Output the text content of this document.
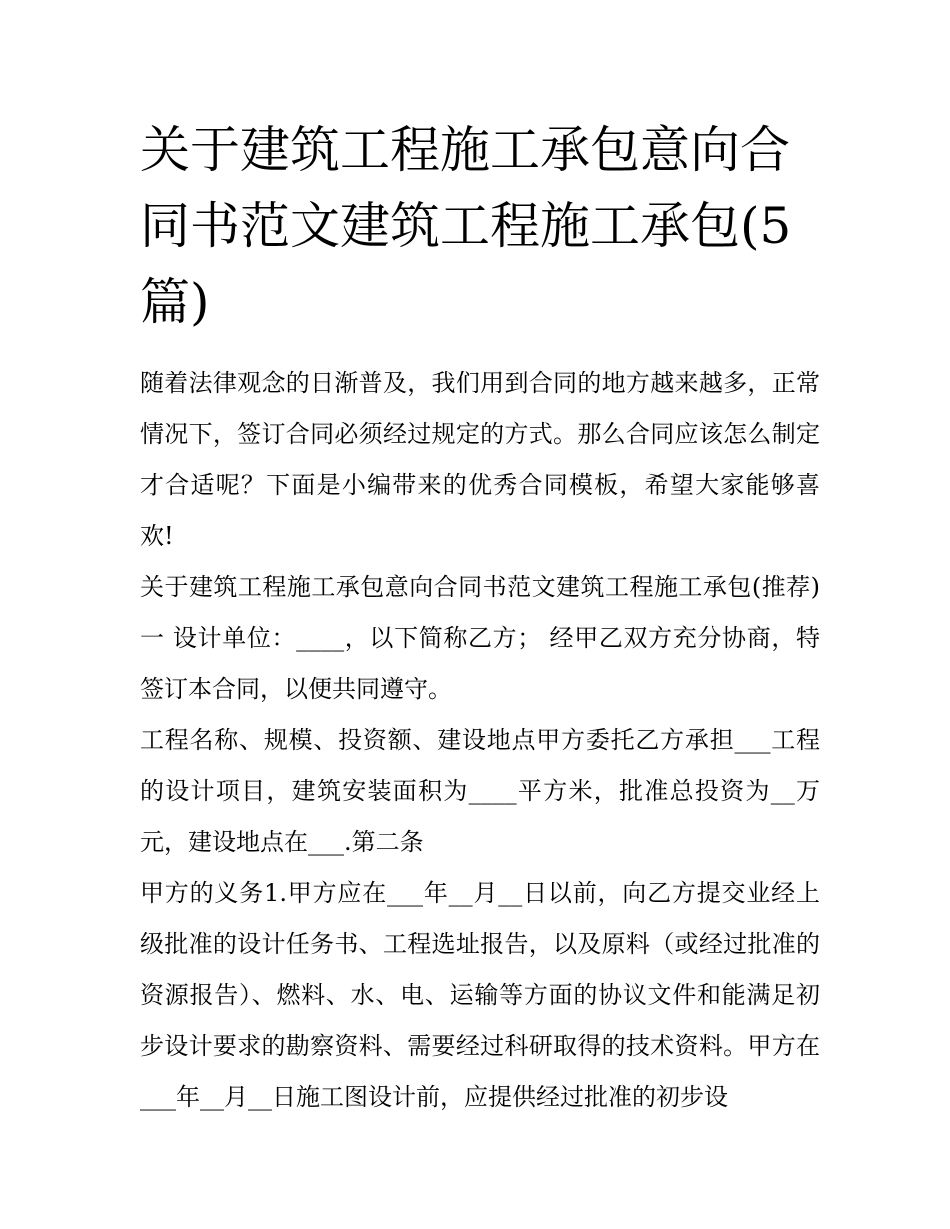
关于建筑工程施工承包意向合同书范文建筑工程施工承包(5篇)

随着法律观念的日渐普及，我们用到合同的地方越来越多，正常情况下，签订合同必须经过规定的方式。那么合同应该怎么制定才合适呢？下面是小编带来的优秀合同模板，希望大家能够喜欢!

关于建筑工程施工承包意向合同书范文建筑工程施工承包(推荐)一 设计单位：____，以下简称乙方； 经甲乙双方充分协商，特签订本合同，以便共同遵守。

工程名称、规模、投资额、建设地点甲方委托乙方承担___工程的设计项目，建筑安装面积为____平方米，批准总投资为__万元，建设地点在___.第二条

甲方的义务1.甲方应在___年__月__日以前，向乙方提交业经上级批准的设计任务书、工程选址报告，以及原料（或经过批准的资源报告）、燃料、水、电、运输等方面的协议文件和能满足初步设计要求的勘察资料、需要经过科研取得的技术资料。甲方在___年__月__日施工图设计前，应提供经过批准的初步设
